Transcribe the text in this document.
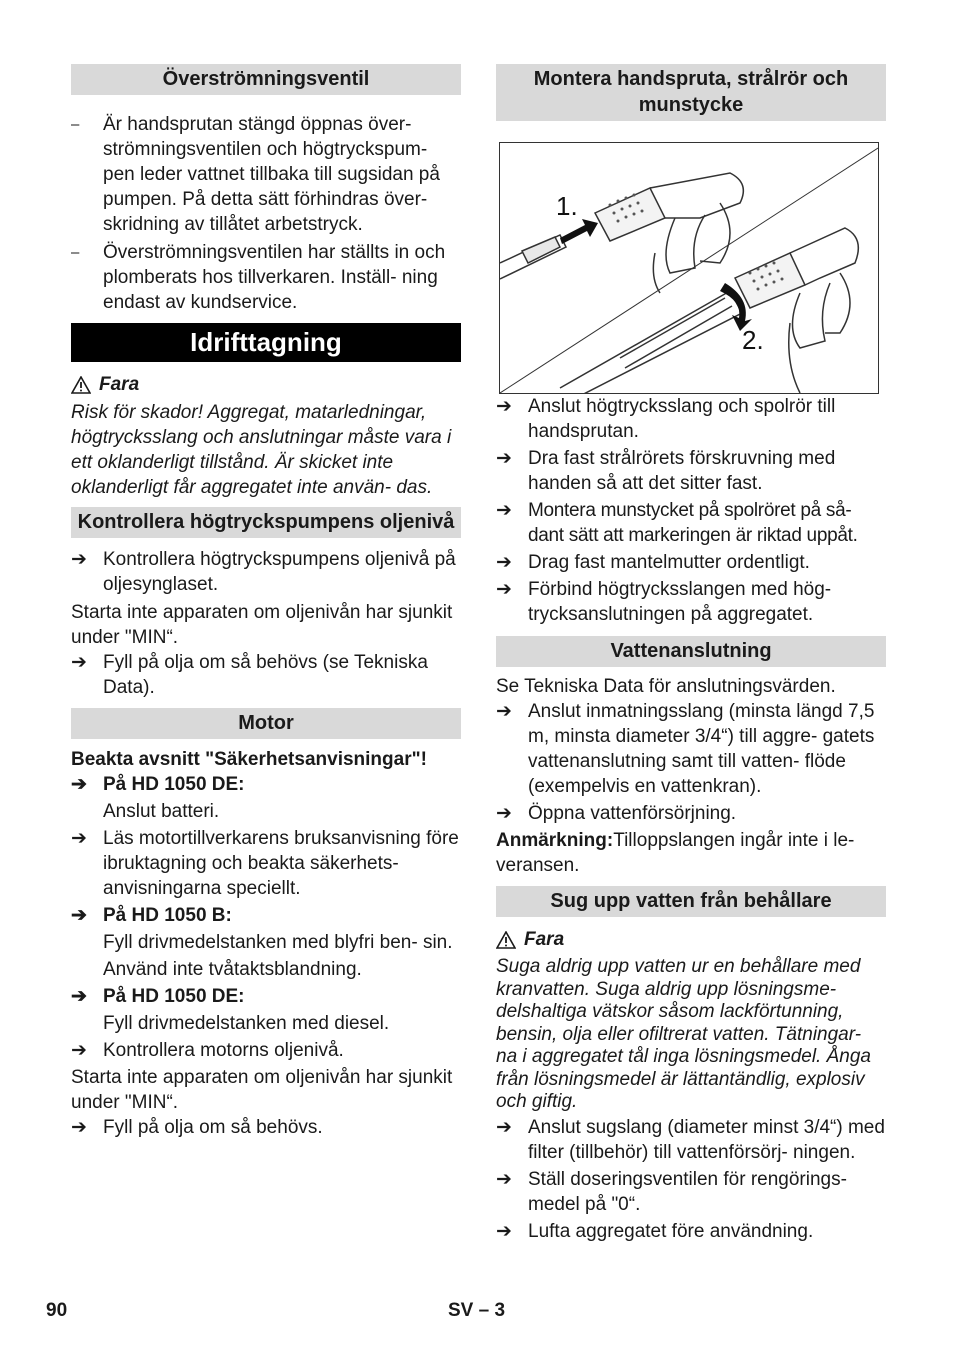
Överströmningsventil
– Är handsprutan stängd öppnas över- strömningsventilen och högtryckspum- pen leder vattnet tillbaka till sugsidan på pumpen. På detta sätt förhindras över- skridning av tillåtet arbetstryck.
– Överströmningsventilen har ställts in och plomberats hos tillverkaren. Inställ- ning endast av kundservice.
Idrifttagning
Fara

Risk för skador! Aggregat, matarledningar, högtrycksslang och anslutningar måste vara i ett oklanderligt tillstånd. Är skicket inte oklanderligt får aggregatet inte använ- das.

Kontrollera högtryckspumpens oljenivå
➔ Kontrollera högtryckspumpens oljenivå på oljesynglaset.

Starta inte apparaten om oljenivån har sjunkit under "MIN“.

➔ Fyll på olja om så behövs (se Tekniska Data).
Motor

Beakta avsnitt "Säkerhetsanvisningar"!

➔ På HD 1050 DE:

Anslut batteri.

➔ Läs motortillverkarens bruksanvisning före ibruktagning och beakta säkerhets- anvisningarna speciellt.
➔ På HD 1050 B:

Fyll drivmedelstanken med blyfri ben- sin.

Använd inte tvåtaktsblandning.

➔ På HD 1050 DE:

Fyll drivmedelstanken med diesel.

➔ Kontrollera motorns oljenivå.

Starta inte apparaten om oljenivån har sjunkit under "MIN“.

➔ Fyll på olja om så behövs.
Montera handspruta, strålrör och munstycke
1.
2.
➔ Anslut högtrycksslang och spolrör till handsprutan.
➔ Dra fast strålrörets förskruvning med handen så att det sitter fast.
➔ Montera munstycket på spolröret på så- dant sätt att markeringen är riktad uppåt.
➔ Drag fast mantelmutter ordentligt.
➔ Förbind högtrycksslangen med hög- trycksanslutningen på aggregatet.
Vattenanslutning

Se Tekniska Data för anslutningsvärden.

➔ Anslut inmatningsslang (minsta längd 7,5 m, minsta diameter 3/4“) till aggre- gatets vattenanslutning samt till vatten- flöde (exempelvis en vattenkran).
➔ Öppna vattenförsörjning.

Anmärkning:Tilloppslangen ingår inte i le- veransen.

Sug upp vatten från behållare
Fara

Suga aldrig upp vatten ur en behållare med kranvatten. Suga aldrig upp lösningsme- delshaltiga vätskor såsom lackförtunning, bensin, olja eller ofiltrerat vatten. Tätningar- na i aggregatet tål inga lösningsmedel. Ånga från lösningsmedel är lättantändlig, explosiv och giftig.

➔ Anslut sugslang (diameter minst 3/4“) med filter (tillbehör) till vattenförsörj- ningen.
➔ Ställ doseringsventilen för rengörings- medel på "0“.
➔ Lufta aggregatet före användning.
90	SV – 3
